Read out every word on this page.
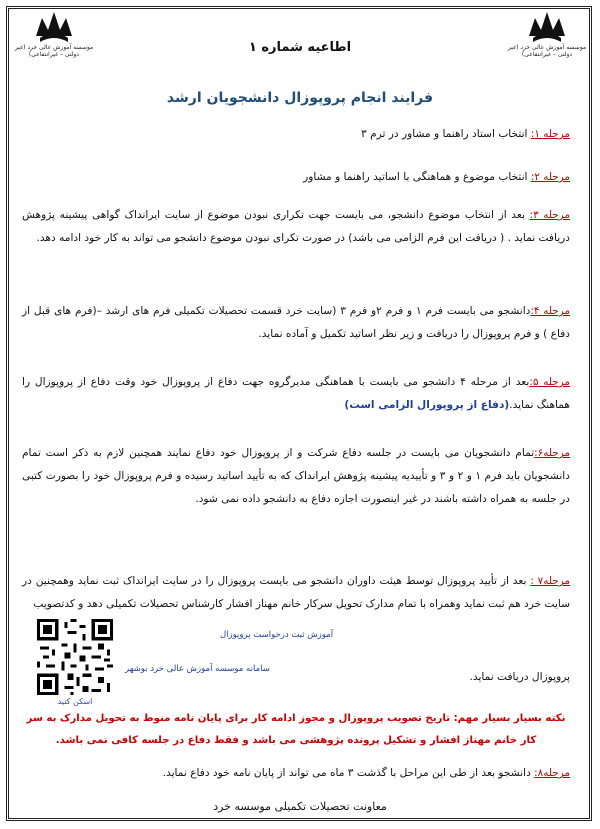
موسسه آموزش عالی خرد (غیر دولتی – غیرانتفاعی)
موسسه آموزش عالی خرد (غیر دولتی – غیرانتفاعی)
اطاعیه شماره ۱
فرایند انجام پروپوزال دانشجویان ارشد
مرحله ۱: انتخاب استاد راهنما و مشاور در ترم ۳
مرحله ۲: انتخاب موضوع و هماهنگی با اساتید راهنما و مشاور
مرحله ۳: بعد از انتخاب موضوع دانشجو، می بایست جهت تکراری نبودن موضوع از سایت ایرانداک گواهی پیشینه پژوهش دریافت نماید . ( دریافت این فرم الزامی می باشد) در صورت تکرای نبودن موضوع دانشجو می تواند به کار خود ادامه دهد.
مرحله ۴:دانشجو می بایست فرم ۱ و فرم ۲و فرم ۳ (سایت خرد قسمت تحصیلات تکمیلی فرم های ارشد –(فرم های قبل از دفاع ) و فرم پروپوزال را دریافت و زیر نظر اساتید تکمیل و آماده نماید.
مرحله ۵:بعد از مرحله ۴ دانشجو می بایست با هماهنگی مدیرگروه جهت دفاع از پروپوزال خود وقت دفاع از پروپوزال را هماهنگ نماید.(دفاع از پروپوزال الزامی است)
مرحله۶:تمام دانشجویان می بایست در جلسه دفاع شرکت و از پروپوزال خود دفاع نمایند همچنین لازم به ذکر است تمام دانشجویان باید فرم ۱ و ۲ و ۳ و تأییدیه پیشینه پژوهش ایرانداک که به تأیید اساتید رسیده و فرم پروپوزال خود را بصورت کتبی در جلسه به همراه داشته باشند در غیر اینصورت اجازه دفاع به دانشجو داده نمی شود.
مرحله۷ : بعد از تأیید پروپوزال توسط هیئت داوران دانشجو می بایست پروپوزال را در سایت ایرانداک ثبت نماید وهمچنین در سایت خرد هم ثبت نماید وهمراه با تمام مدارک تحویل سرکار خانم مهناز افشار کارشناس تحصیلات تکمیلی دهد و کدتصویب
پروپوزال دریافت نماید.
اسکن کنید
آموزش ثبت درخواست پروپوزال
سامانه موسسه آموزش عالی خرد بوشهر
نکته بسیار بسیار مهم: تاریخ تصویب پروپوزال و مجوز ادامه کار برای پایان نامه منوط به تحویل مدارک به سر کار خانم مهناز افشار و تشکیل پرونده پژوهشی می باشد و فقط دفاع در جلسه کافی نمی باشد.
مرحله۸: دانشجو بعد از طی این مراحل با گذشت ۳ ماه می تواند از پایان نامه خود دفاع نماید.
معاونت تحصیلات تکمیلی موسسه خرد
